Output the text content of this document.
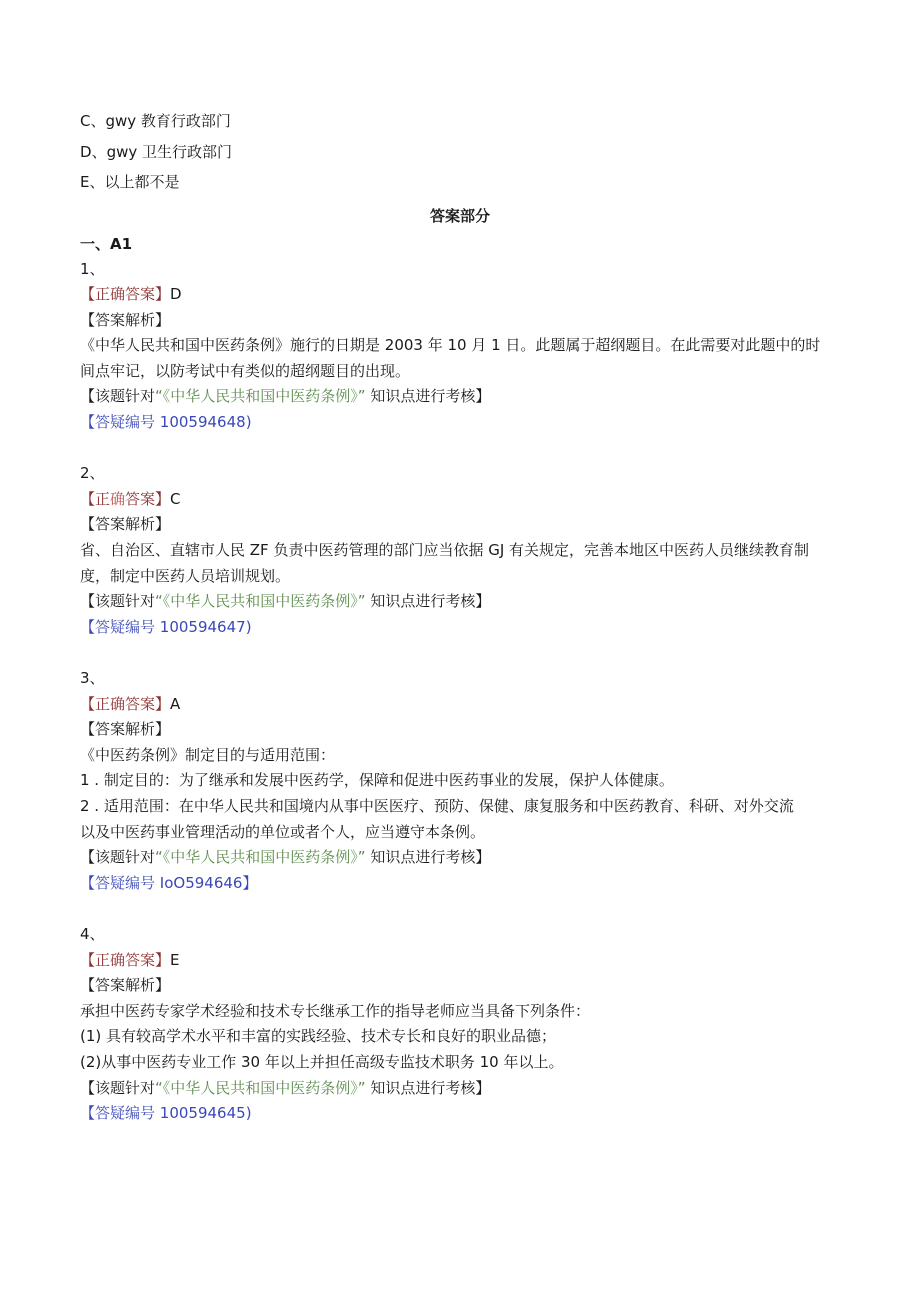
C、gwy 教育行政部门
D、gwy 卫生行政部门
E、以上都不是
答案部分
一、A1
1、
【正确答案】D
【答案解析】
《中华人民共和国中医药条例》施行的日期是 2003 年 10 月 1 日。此题属于超纲题目。在此需要对此题中的时
间点牢记，以防考试中有类似的超纲题目的出现。
【该题针对“《中华人民共和国中医药条例》” 知识点进行考核】
【答疑编号 100594648)
2、
【正确答案】C
【答案解析】
省、自治区、直辖市人民 ZF 负责中医药管理的部门应当依据 GJ 有关规定，完善本地区中医药人员继续教育制
度，制定中医药人员培训规划。
【该题针对“《中华人民共和国中医药条例》” 知识点进行考核】
【答疑编号 100594647)
3、
【正确答案】A
【答案解析】
《中医药条例》制定目的与适用范围：
1 . 制定目的：为了继承和发展中医药学，保障和促进中医药事业的发展，保护人体健康。
2 . 适用范围：在中华人民共和国境内从事中医医疗、预防、保健、康复服务和中医药教育、科研、对外交流
以及中医药事业管理活动的单位或者个人，应当遵守本条例。
【该题针对“《中华人民共和国中医药条例》” 知识点进行考核】
【答疑编号 IoO594646】
4、
【正确答案】E
【答案解析】
承担中医药专家学术经验和技术专长继承工作的指导老师应当具备下列条件：
(1) 具有较高学术水平和丰富的实践经验、技术专长和良好的职业品德；
(2)从事中医药专业工作 30 年以上并担任高级专监技术职务 10 年以上。
【该题针对“《中华人民共和国中医药条例》” 知识点进行考核】
【答疑编号 100594645)
